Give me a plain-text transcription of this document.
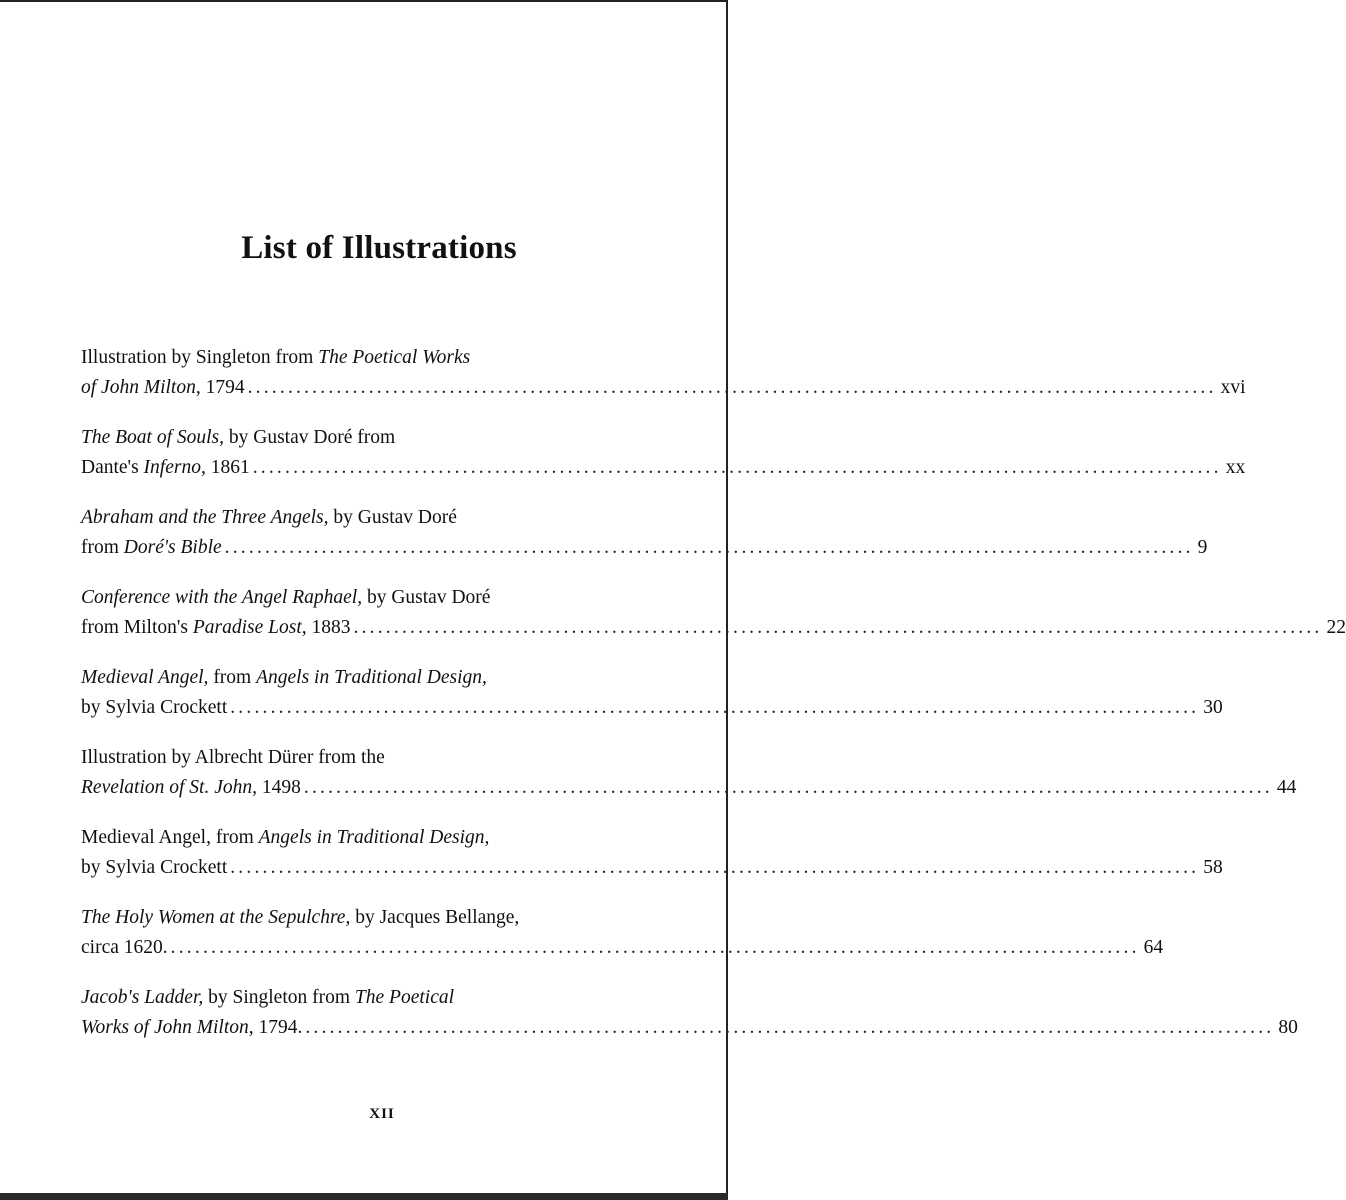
List of Illustrations
Illustration by Singleton from The Poetical Works
of John Milton, 1794 ........................................................................................................................ xvi
The Boat of Souls, by Gustav Doré from
Dante's Inferno, 1861 ........................................................................................................................ xx
Abraham and the Three Angels, by Gustav Doré
from Doré's Bible ........................................................................................................................ 9
Conference with the Angel Raphael, by Gustav Doré
from Milton's Paradise Lost, 1883 ........................................................................................................................ 22
Medieval Angel, from Angels in Traditional Design,
by Sylvia Crockett ........................................................................................................................ 30
Illustration by Albrecht Dürer from the
Revelation of St. John, 1498 ........................................................................................................................ 44
Medieval Angel, from Angels in Traditional Design,
by Sylvia Crockett ........................................................................................................................ 58
The Holy Women at the Sepulchre, by Jacques Bellange,
circa 1620. ........................................................................................................................ 64
Jacob's Ladder, by Singleton from The Poetical
Works of John Milton, 1794. ........................................................................................................................ 80
XII
